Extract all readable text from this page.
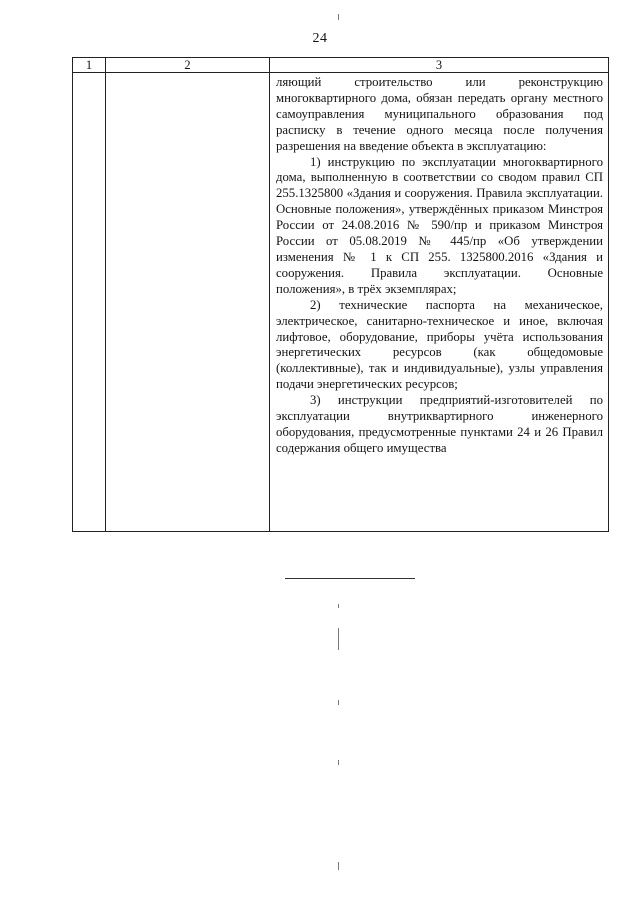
24
1	2	3

		ляющий строительство или реконструкцию многоквартирного дома, обязан передать органу местного самоуправления муниципального образования под расписку в течение одного месяца после получения разрешения на введение объекта в эксплуатацию:

1) инструкцию по эксплуатации многоквартирного дома, выполненную в соответствии со сводом правил СП 255.1325800 «Здания и сооружения. Правила эксплуатации. Основные положения», утверждённых приказом Минстроя России от 24.08.2016 № 590/пр и приказом Минстроя России от 05.08.2019 № 445/пр «Об утверждении изменения № 1 к СП 255. 1325800.2016 «Здания и сооружения. Правила эксплуатации. Основные положения», в трёх экземплярах;

2) технические паспорта на механическое, электрическое, санитарно-техническое и иное, включая лифтовое, оборудование, приборы учёта использования энергетических ресурсов (как общедомовые (коллективные), так и индивидуальные), узлы управления подачи энергетических ресурсов;

3) инструкции предприятий-изготовителей по эксплуатации внутриквартирного инженерного оборудования, предусмотренные пунктами 24 и 26 Правил содержания общего имущества
